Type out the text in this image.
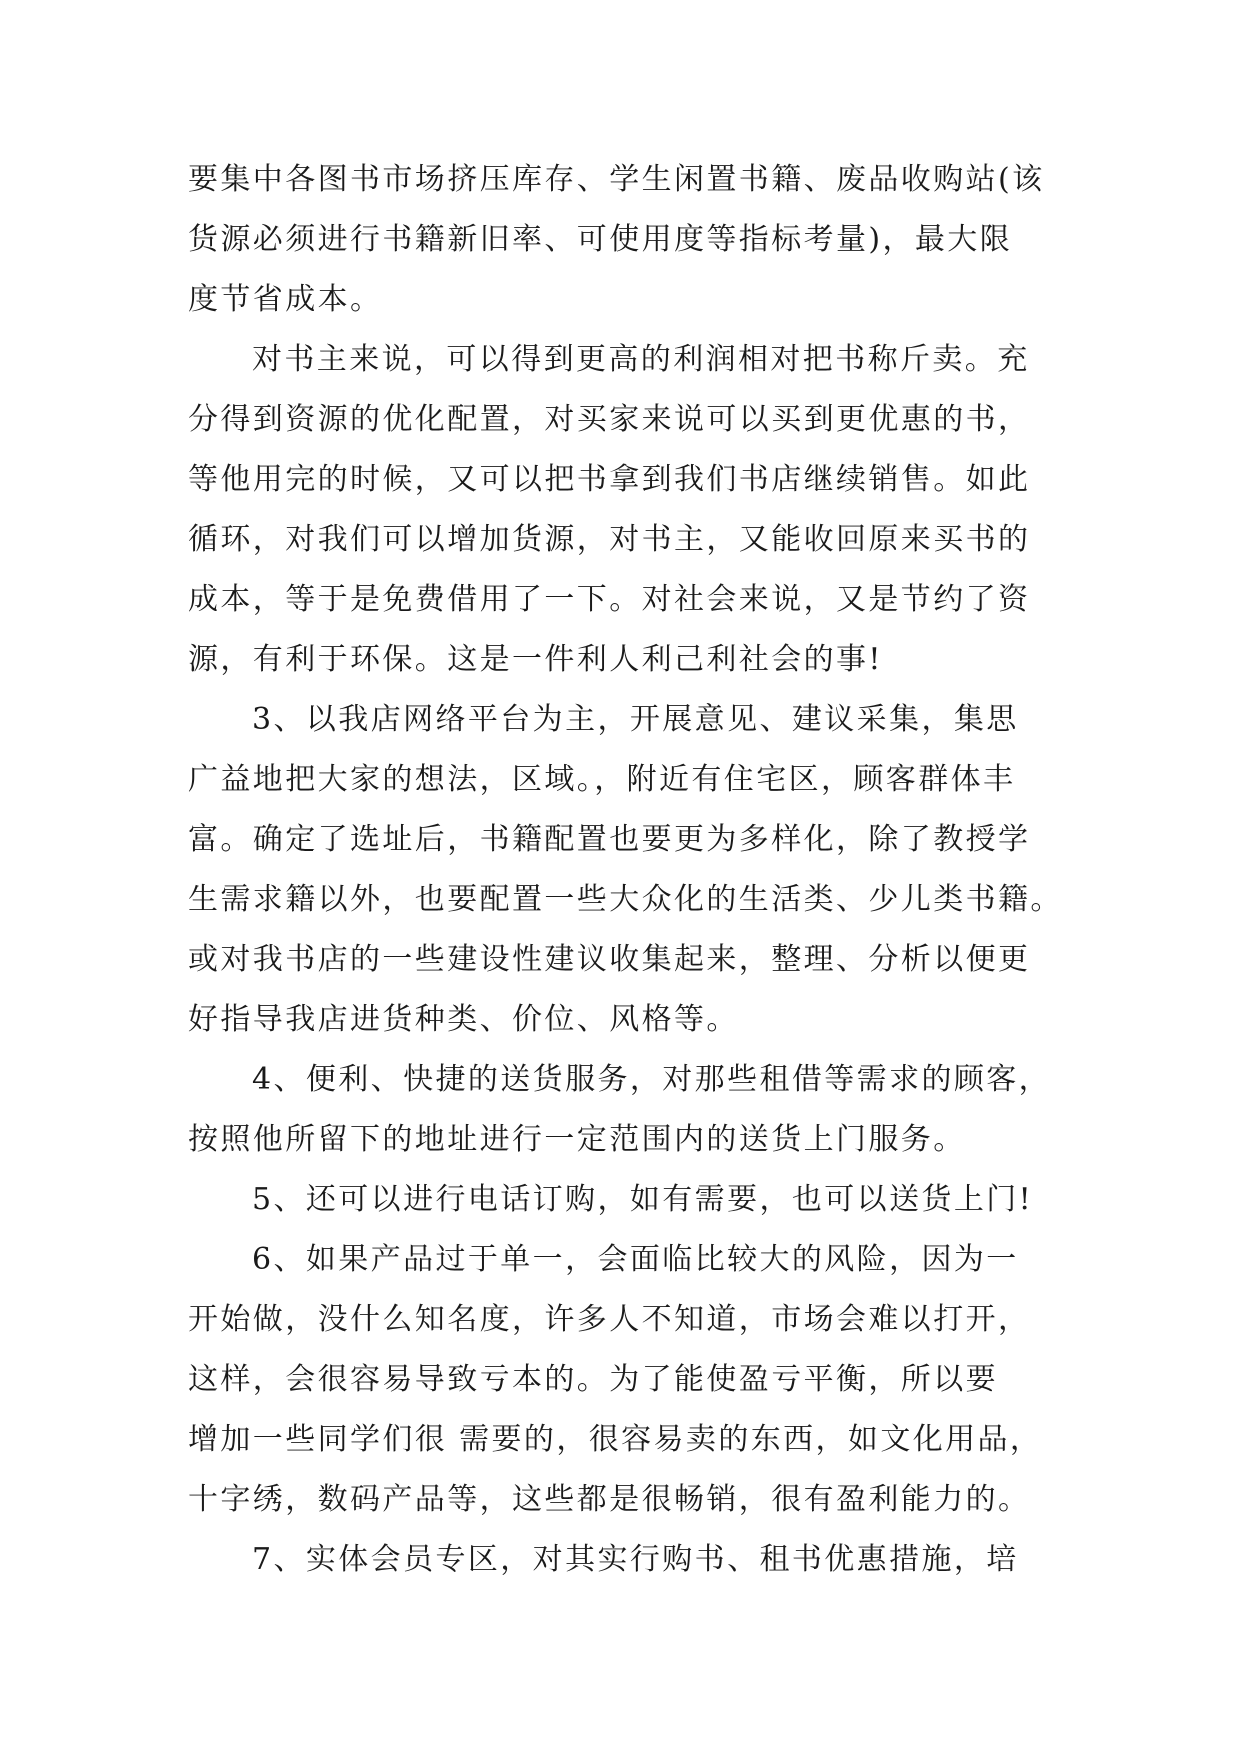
要集中各图书市场挤压库存、学生闲置书籍、废品收购站(该
货源必须进行书籍新旧率、可使用度等指标考量)，最大限
度节省成本。
对书主来说，可以得到更高的利润相对把书称斤卖。充
分得到资源的优化配置，对买家来说可以买到更优惠的书，
等他用完的时候，又可以把书拿到我们书店继续销售。如此
循环，对我们可以增加货源，对书主，又能收回原来买书的
成本，等于是免费借用了一下。对社会来说，又是节约了资
源，有利于环保。这是一件利人利己利社会的事!
3、以我店网络平台为主，开展意见、建议采集，集思
广益地把大家的想法，区域。，附近有住宅区，顾客群体丰
富。确定了选址后，书籍配置也要更为多样化，除了教授学
生需求籍以外，也要配置一些大众化的生活类、少儿类书籍。
或对我书店的一些建设性建议收集起来，整理、分析以便更
好指导我店进货种类、价位、风格等。
4、便利、快捷的送货服务，对那些租借等需求的顾客，
按照他所留下的地址进行一定范围内的送货上门服务。
5、还可以进行电话订购，如有需要，也可以送货上门!
6、如果产品过于单一，会面临比较大的风险，因为一
开始做，没什么知名度，许多人不知道，市场会难以打开，
这样，会很容易导致亏本的。为了能使盈亏平衡，所以要
增加一些同学们很 需要的，很容易卖的东西，如文化用品，
十字绣，数码产品等，这些都是很畅销，很有盈利能力的。
7、实体会员专区，对其实行购书、租书优惠措施，培
